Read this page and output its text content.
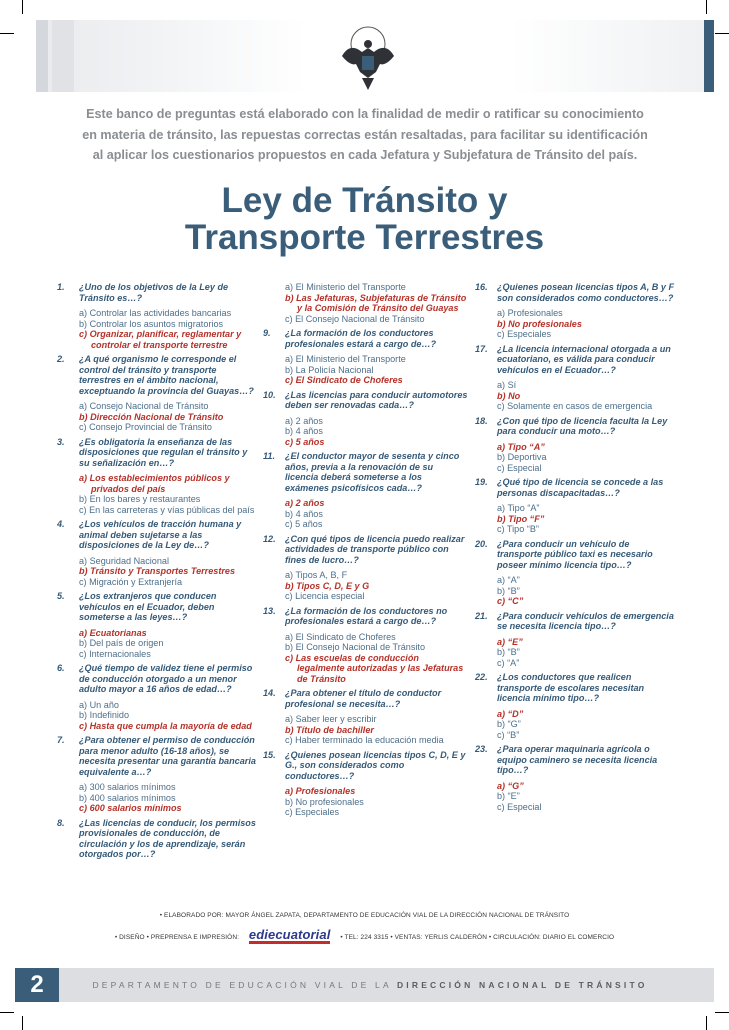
Este banco de preguntas está elaborado con la finalidad de medir o ratificar su conocimiento
en materia de tránsito, las repuestas correctas están resaltadas, para facilitar su identificación
al aplicar los cuestionarios propuestos en cada Jefatura y Subjefatura de Tránsito del país.
Ley de Tránsito y
Transporte Terrestres
1. ¿Uno de los objetivos de la Ley de Tránsito es…?
a) Controlar las actividades bancarias
b) Controlar los asuntos migratorios
c) Organizar, planificar, reglamentar y controlar el transporte terrestre
2. ¿A qué organismo le corresponde el control del tránsito y transporte terrestres en el ámbito nacional, exceptuando la provincia del Guayas…?
a) Consejo Nacional de Tránsito
b) Dirección Nacional de Tránsito
c) Consejo Provincial de Tránsito
3. ¿Es obligatoria la enseñanza de las disposiciones que regulan el tránsito y su señalización en…?
a) Los establecimientos públicos y privados del país
b) En los bares y restaurantes
c) En las carreteras y vías públicas del país
4. ¿Los vehículos de tracción humana y animal deben sujetarse a las disposiciones de la Ley de…?
a) Seguridad Nacional
b) Tránsito y Transportes Terrestres
c) Migración y Extranjería
5. ¿Los extranjeros que conducen vehículos en el Ecuador, deben someterse a las leyes…?
a) Ecuatorianas
b) Del país de origen
c) Internacionales
6. ¿Qué tiempo de validez tiene el permiso de conducción otorgado a un menor adulto mayor a 16 años de edad…?
a) Un año
b) Indefinido
c) Hasta que cumpla la mayoría de edad
7. ¿Para obtener el permiso de conducción para menor adulto (16-18 años), se necesita presentar una garantía bancaria equivalente a…?
a) 300 salarios mínimos
b) 400 salarios mínimos
c) 600 salarios mínimos
8. ¿Las licencias de conducir, los permisos provisionales de conducción, de circulación y los de aprendizaje, serán otorgados por…?
a) El Ministerio del Transporte
b) Las Jefaturas, Subjefaturas de Tránsito y la Comisión de Tránsito del Guayas
c) El Consejo Nacional de Tránsito
9. ¿La formación de los conductores profesionales estará a cargo de…?
a) El Ministerio del Transporte
b) La Policía Nacional
c) El Sindicato de Choferes
10. ¿Las licencias para conducir automotores deben ser renovadas cada…?
a) 2 años
b) 4 años
c) 5 años
11. ¿El conductor mayor de sesenta y cinco años, previa a la renovación de su licencia deberá someterse a los exámenes psicofísicos cada…?
a) 2 años
b) 4 años
c) 5 años
12. ¿Con qué tipos de licencia puedo realizar actividades de transporte público con fines de lucro…?
a) Tipos A, B, F
b) Tipos C, D, E y G
c) Licencia especial
13. ¿La formación de los conductores no profesionales estará a cargo de…?
a) El Sindicato de Choferes
b) El Consejo Nacional de Tránsito
c) Las escuelas de conducción legalmente autorizadas y las Jefaturas de Tránsito
14. ¿Para obtener el título de conductor profesional se necesita…?
a) Saber leer y escribir
b) Título de bachiller
c) Haber terminado la educación media
15. ¿Quienes posean licencias tipos C, D, E y G., son considerados como conductores…?
a) Profesionales
b) No profesionales
c) Especiales
16. ¿Quienes posean licencias tipos A, B y F son considerados como conductores…?
a) Profesionales
b) No profesionales
c) Especiales
17. ¿La licencia internacional otorgada a un ecuatoriano, es válida para conducir vehículos en el Ecuador…?
a) Sí
b) No
c) Solamente en casos de emergencia
18. ¿Con qué tipo de licencia faculta la Ley para conducir una moto…?
a) Tipo “A”
b) Deportiva
c) Especial
19. ¿Qué tipo de licencia se concede a las personas discapacitadas…?
a) Tipo “A”
b) Tipo “F”
c) Tipo “B”
20. ¿Para conducir un vehículo de transporte público taxi es necesario poseer mínimo licencia tipo…?
a) “A”
b) “B”
c) “C”
21. ¿Para conducir vehículos de emergencia se necesita licencia tipo…?
a) “E”
b) “B”
c) “A”
22. ¿Los conductores que realicen transporte de escolares necesitan licencia mínimo tipo…?
a) “D”
b) “G”
c) “B”
23. ¿Para operar maquinaria agrícola o equipo caminero se necesita licencia tipo…?
a) “G”
b) “E”
c) Especial
• ELABORADO POR: MAYOR ÁNGEL ZAPATA, DEPARTAMENTO DE EDUCACIÓN VIAL DE LA DIRECCIÓN NACIONAL DE TRÁNSITO
• DISEÑO • PREPRENSA E IMPRESIÓN: ediecuatorial • TEL: 224 3315 • VENTAS: YERLIS CALDERÓN • CIRCULACIÓN: DIARIO EL COMERCIO
2	DEPARTAMENTO DE EDUCACIÓN VIAL DE LA DIRECCIÓN NACIONAL DE TRÁNSITO
